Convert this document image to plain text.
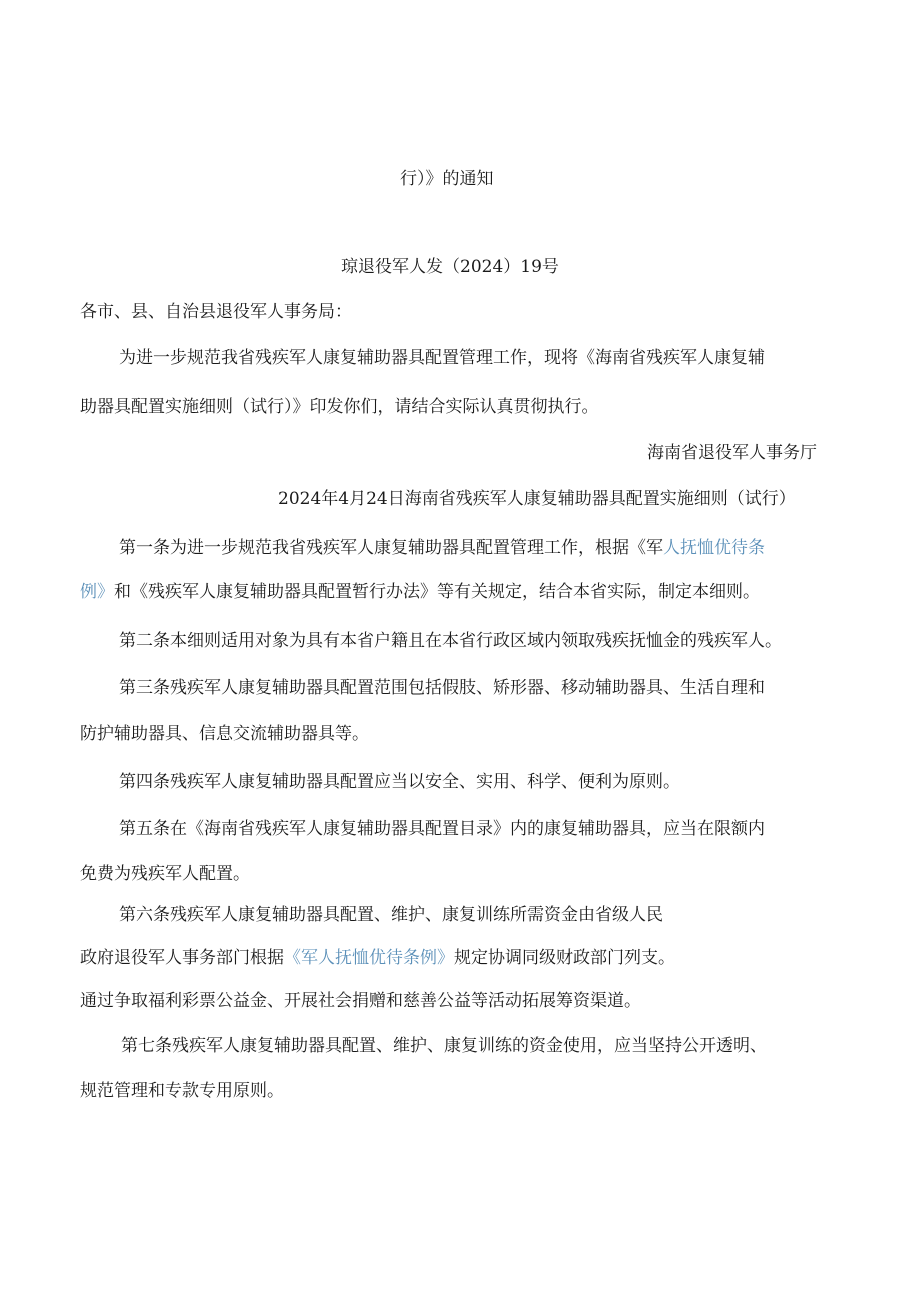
行）》的通知

琼退役军人发（2024）19号

各市、县、自治县退役军人事务局：

为进一步规范我省残疾军人康复辅助器具配置管理工作，现将《海南省残疾军人康复辅

助器具配置实施细则（试行）》印发你们，请结合实际认真贯彻执行。

海南省退役军人事务厅

2024年4月24日海南省残疾军人康复辅助器具配置实施细则（试行）

第一条为进一步规范我省残疾军人康复辅助器具配置管理工作，根据《军人抚恤优待条

例》和《残疾军人康复辅助器具配置暂行办法》等有关规定，结合本省实际，制定本细则。

第二条本细则适用对象为具有本省户籍且在本省行政区域内领取残疾抚恤金的残疾军人。

第三条残疾军人康复辅助器具配置范围包括假肢、矫形器、移动辅助器具、生活自理和

防护辅助器具、信息交流辅助器具等。

第四条残疾军人康复辅助器具配置应当以安全、实用、科学、便利为原则。

第五条在《海南省残疾军人康复辅助器具配置目录》内的康复辅助器具，应当在限额内

免费为残疾军人配置。

第六条残疾军人康复辅助器具配置、维护、康复训练所需资金由省级人民

政府退役军人事务部门根据《军人抚恤优待条例》规定协调同级财政部门列支。

通过争取福利彩票公益金、开展社会捐赠和慈善公益等活动拓展筹资渠道。

第七条残疾军人康复辅助器具配置、维护、康复训练的资金使用，应当坚持公开透明、

规范管理和专款专用原则。
